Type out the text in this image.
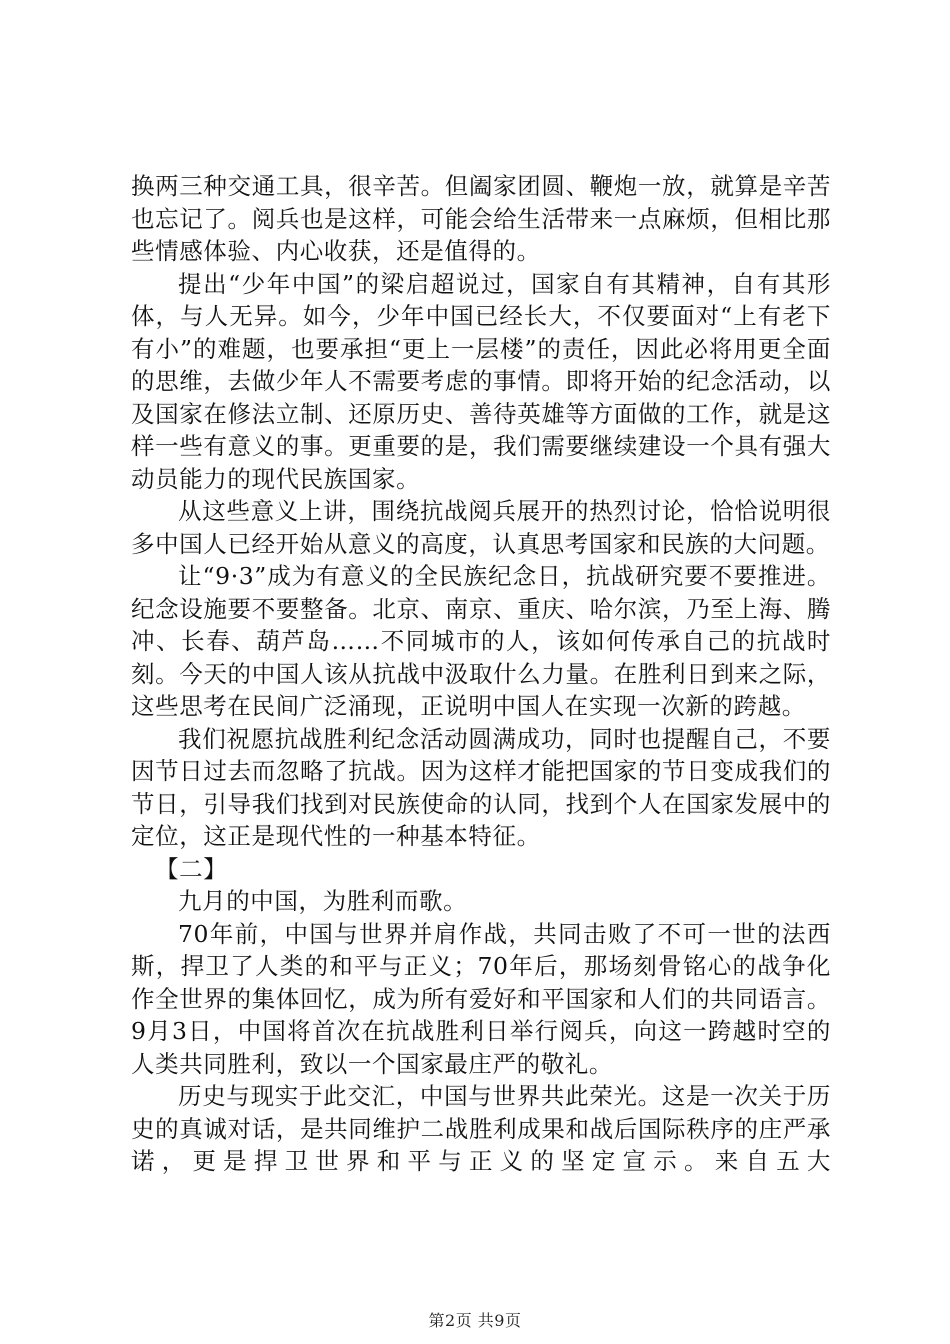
换两三种交通工具，很辛苦。但阖家团圆、鞭炮一放，就算是辛苦也忘记了。阅兵也是这样，可能会给生活带来一点麻烦，但相比那些情感体验、内心收获，还是值得的。

提出“少年中国”的梁启超说过，国家自有其精神，自有其形体，与人无异。如今，少年中国已经长大，不仅要面对“上有老下有小”的难题，也要承担“更上一层楼”的责任，因此必将用更全面的思维，去做少年人不需要考虑的事情。即将开始的纪念活动，以及国家在修法立制、还原历史、善待英雄等方面做的工作，就是这样一些有意义的事。更重要的是，我们需要继续建设一个具有强大动员能力的现代民族国家。

从这些意义上讲，围绕抗战阅兵展开的热烈讨论，恰恰说明很多中国人已经开始从意义的高度，认真思考国家和民族的大问题。

让“9·3”成为有意义的全民族纪念日，抗战研究要不要推进。纪念设施要不要整备。北京、南京、重庆、哈尔滨，乃至上海、腾冲、长春、葫芦岛……不同城市的人，该如何传承自己的抗战时刻。今天的中国人该从抗战中汲取什么力量。在胜利日到来之际，这些思考在民间广泛涌现，正说明中国人在实现一次新的跨越。

我们祝愿抗战胜利纪念活动圆满成功，同时也提醒自己，不要因节日过去而忽略了抗战。因为这样才能把国家的节日变成我们的节日，引导我们找到对民族使命的认同，找到个人在国家发展中的定位，这正是现代性的一种基本特征。

【二】

九月的中国，为胜利而歌。

70年前，中国与世界并肩作战，共同击败了不可一世的法西斯，捍卫了人类的和平与正义；70年后，那场刻骨铭心的战争化作全世界的集体回忆，成为所有爱好和平国家和人们的共同语言。9月3日，中国将首次在抗战胜利日举行阅兵，向这一跨越时空的人类共同胜利，致以一个国家最庄严的敬礼。

历史与现实于此交汇，中国与世界共此荣光。这是一次关于历史的真诚对话，是共同维护二战胜利成果和战后国际秩序的庄严承诺，更是捍卫世界和平与正义的坚定宣示。来自五大

第2页 共9页
